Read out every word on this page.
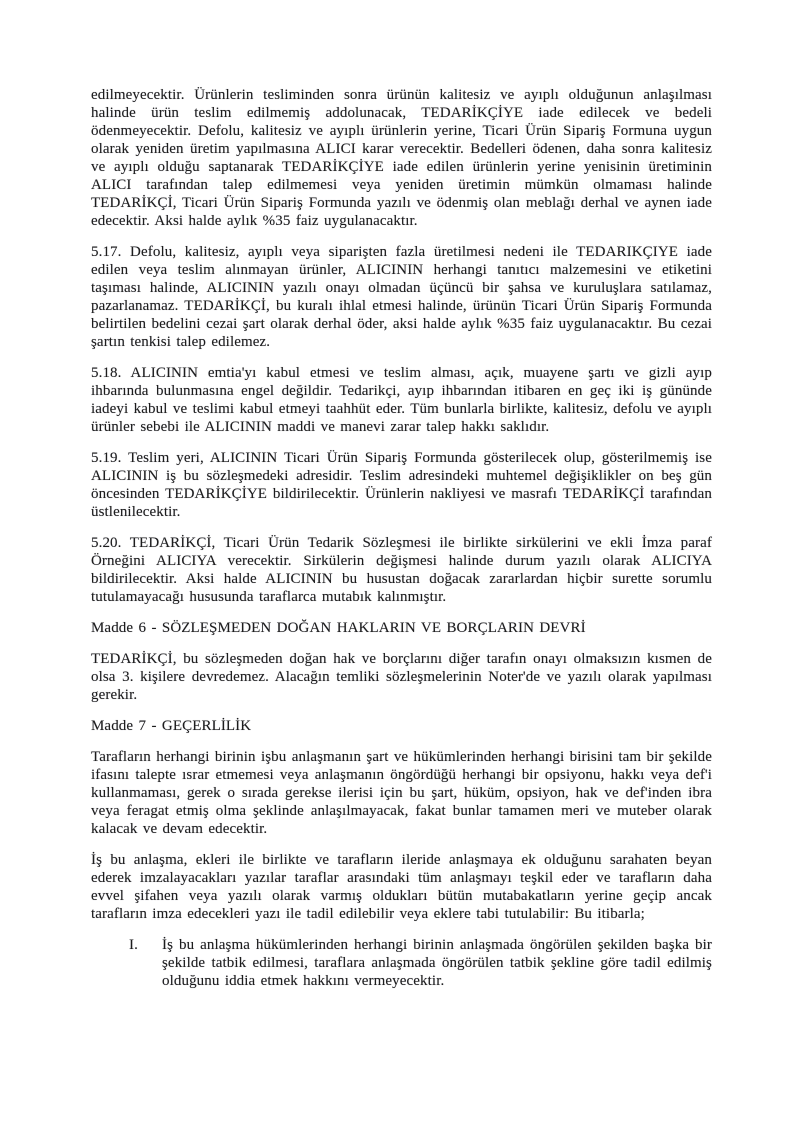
edilmeyecektir. Ürünlerin tesliminden sonra ürünün kalitesiz ve ayıplı olduğunun anlaşılması halinde ürün teslim edilmemiş addolunacak, TEDARİKÇİYE iade edilecek ve bedeli ödenmeyecektir. Defolu, kalitesiz ve ayıplı ürünlerin yerine, Ticari Ürün Sipariş Formuna uygun olarak yeniden üretim yapılmasına ALICI karar verecektir. Bedelleri ödenen, daha sonra kalitesiz ve ayıplı olduğu saptanarak TEDARİKÇİYE iade edilen ürünlerin yerine yenisinin üretiminin ALICI tarafından talep edilmemesi veya yeniden üretimin mümkün olmaması halinde TEDARİKÇİ, Ticari Ürün Sipariş Formunda yazılı ve ödenmiş olan meblağı derhal ve aynen iade edecektir. Aksi halde aylık %35 faiz uygulanacaktır.

5.17. Defolu, kalitesiz, ayıplı veya siparişten fazla üretilmesi nedeni ile TEDARIKÇIYE iade edilen veya teslim alınmayan ürünler, ALICININ herhangi tanıtıcı malzemesini ve etiketini taşıması halinde, ALICININ yazılı onayı olmadan üçüncü bir şahsa ve kuruluşlara satılamaz, pazarlanamaz. TEDARİKÇİ, bu kuralı ihlal etmesi halinde, ürünün Ticari Ürün Sipariş Formunda belirtilen bedelini cezai şart olarak derhal öder, aksi halde aylık %35 faiz uygulanacaktır. Bu cezai şartın tenkisi talep edilemez.

5.18. ALICININ emtia'yı kabul etmesi ve teslim alması, açık, muayene şartı ve gizli ayıp ihbarında bulunmasına engel değildir. Tedarikçi, ayıp ihbarından itibaren en geç iki iş gününde iadeyi kabul ve teslimi kabul etmeyi taahhüt eder. Tüm bunlarla birlikte, kalitesiz, defolu ve ayıplı ürünler sebebi ile ALICININ maddi ve manevi zarar talep hakkı saklıdır.

5.19. Teslim yeri, ALICININ Ticari Ürün Sipariş Formunda gösterilecek olup, gösterilmemiş ise ALICININ iş bu sözleşmedeki adresidir. Teslim adresindeki muhtemel değişiklikler on beş gün öncesinden TEDARİKÇİYE bildirilecektir. Ürünlerin nakliyesi ve masrafı TEDARİKÇİ tarafından üstlenilecektir.

5.20. TEDARİKÇİ, Ticari Ürün Tedarik Sözleşmesi ile birlikte sirkülerini ve ekli İmza paraf Örneğini ALICIYA verecektir. Sirkülerin değişmesi halinde durum yazılı olarak ALICIYA bildirilecektir. Aksi halde ALICININ bu husustan doğacak zararlardan hiçbir surette sorumlu tutulamayacağı hususunda taraflarca mutabık kalınmıştır.

Madde 6 - SÖZLEŞMEDEN DOĞAN HAKLARIN VE BORÇLARIN DEVRİ

TEDARİKÇİ, bu sözleşmeden doğan hak ve borçlarını diğer tarafın onayı olmaksızın kısmen de olsa 3. kişilere devredemez. Alacağın temliki sözleşmelerinin Noter'de ve yazılı olarak yapılması gerekir.

Madde 7 - GEÇERLİLİK

Tarafların herhangi birinin işbu anlaşmanın şart ve hükümlerinden herhangi birisini tam bir şekilde ifasını talepte ısrar etmemesi veya anlaşmanın öngördüğü herhangi bir opsiyonu, hakkı veya def'i kullanmaması, gerek o sırada gerekse ilerisi için bu şart, hüküm, opsiyon, hak ve def'inden ibra veya feragat etmiş olma şeklinde anlaşılmayacak, fakat bunlar tamamen meri ve muteber olarak kalacak ve devam edecektir.

İş bu anlaşma, ekleri ile birlikte ve tarafların ileride anlaşmaya ek olduğunu sarahaten beyan ederek imzalayacakları yazılar taraflar arasındaki tüm anlaşmayı teşkil eder ve tarafların daha evvel şifahen veya yazılı olarak varmış oldukları bütün mutabakatların yerine geçip ancak tarafların imza edecekleri yazı ile tadil edilebilir veya eklere tabi tutulabilir: Bu itibarla;

I.	İş bu anlaşma hükümlerinden herhangi birinin anlaşmada öngörülen şekilden başka bir şekilde tatbik edilmesi, taraflara anlaşmada öngörülen tatbik şekline göre tadil edilmiş olduğunu iddia etmek hakkını vermeyecektir.
